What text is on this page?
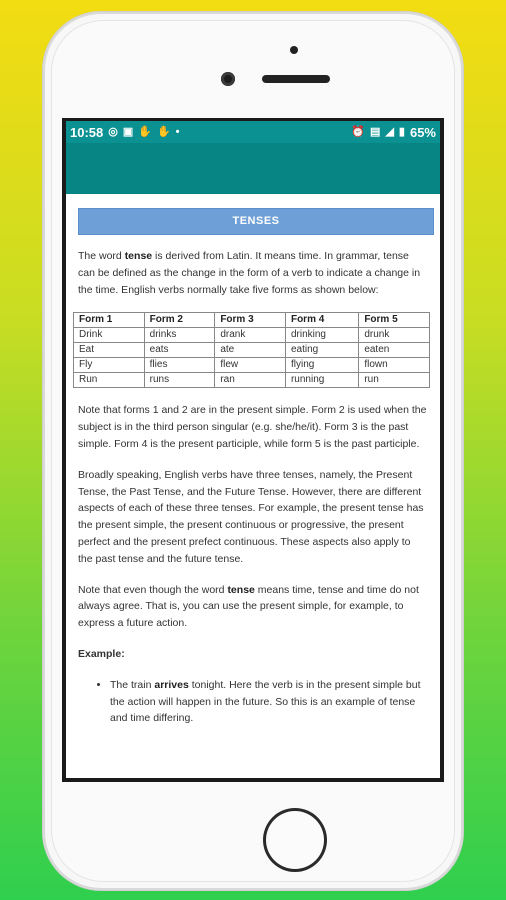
10:58 ◎ ▣ ✋ ✋ •	⏰ ▤ ◢ ▮ 65%
TENSES

The word tense is derived from Latin. It means time. In grammar, tense can be defined as the change in the form of a verb to indicate a change in the time. English verbs normally take five forms as shown below:

Form 1	Form 2	Form 3	Form 4	Form 5
Drink	drinks	drank	drinking	drunk
Eat	eats	ate	eating	eaten
Fly	flies	flew	flying	flown
Run	runs	ran	running	run

Note that forms 1 and 2 are in the present simple. Form 2 is used when the subject is in the third person singular (e.g. she/he/it). Form 3 is the past simple. Form 4 is the present participle, while form 5 is the past participle.

Broadly speaking, English verbs have three tenses, namely, the Present Tense, the Past Tense, and the Future Tense. However, there are different aspects of each of these three tenses. For example, the present tense has the present simple, the present continuous or progressive, the present perfect and the present prefect continuous. These aspects also apply to the past tense and the future tense.

Note that even though the word tense means time, tense and time do not always agree. That is, you can use the present simple, for example, to express a future action.

Example:
• The train arrives tonight. Here the verb is in the present simple but the action will happen in the future. So this is an example of tense and time differing.
